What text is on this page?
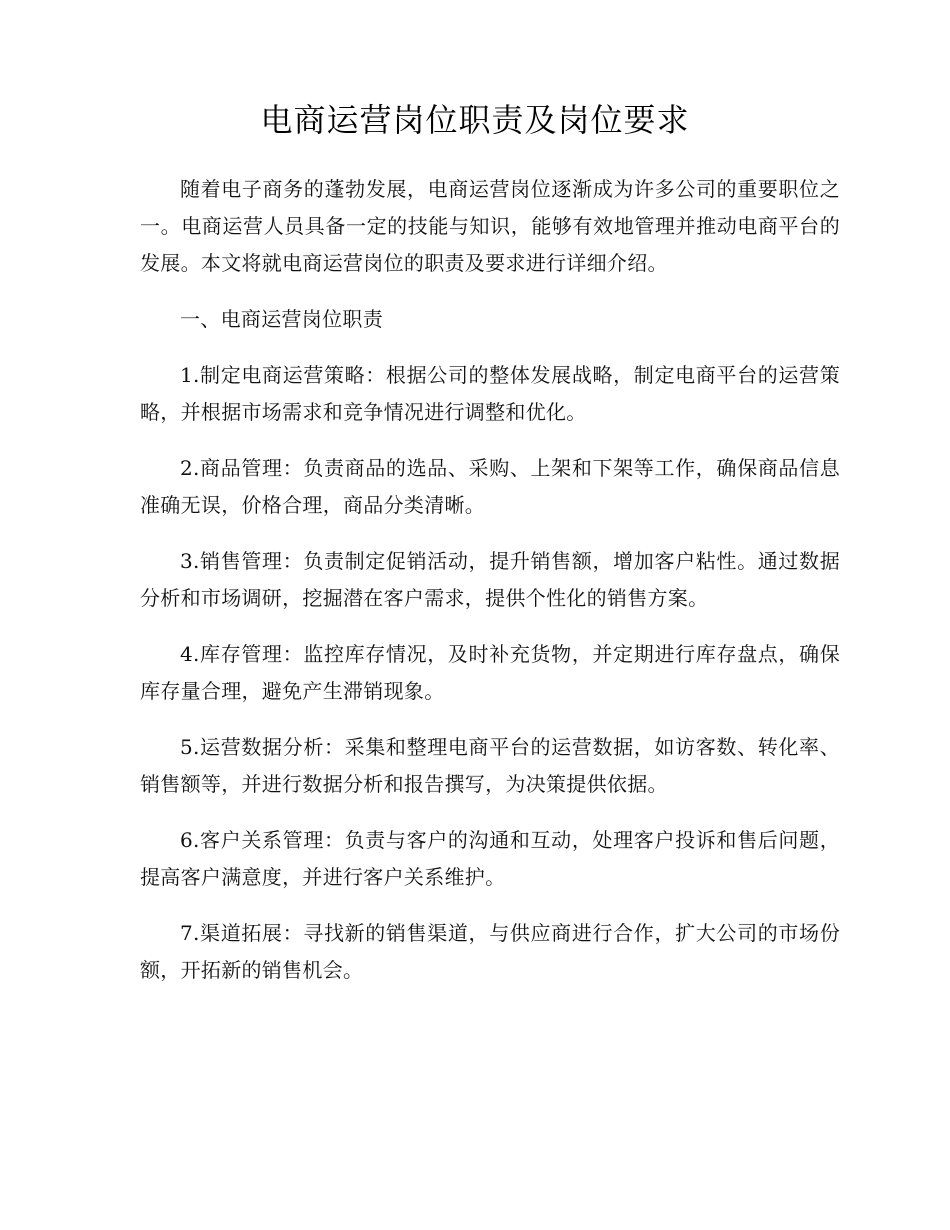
电商运营岗位职责及岗位要求

随着电子商务的蓬勃发展，电商运营岗位逐渐成为许多公司的重要职位之一。电商运营人员具备一定的技能与知识，能够有效地管理并推动电商平台的发展。本文将就电商运营岗位的职责及要求进行详细介绍。

一、电商运营岗位职责

1.制定电商运营策略：根据公司的整体发展战略，制定电商平台的运营策略，并根据市场需求和竞争情况进行调整和优化。

2.商品管理：负责商品的选品、采购、上架和下架等工作，确保商品信息准确无误，价格合理，商品分类清晰。

3.销售管理：负责制定促销活动，提升销售额，增加客户粘性。通过数据分析和市场调研，挖掘潜在客户需求，提供个性化的销售方案。

4.库存管理：监控库存情况，及时补充货物，并定期进行库存盘点，确保库存量合理，避免产生滞销现象。

5.运营数据分析：采集和整理电商平台的运营数据，如访客数、转化率、销售额等，并进行数据分析和报告撰写，为决策提供依据。

6.客户关系管理：负责与客户的沟通和互动，处理客户投诉和售后问题，提高客户满意度，并进行客户关系维护。

7.渠道拓展：寻找新的销售渠道，与供应商进行合作，扩大公司的市场份额，开拓新的销售机会。
